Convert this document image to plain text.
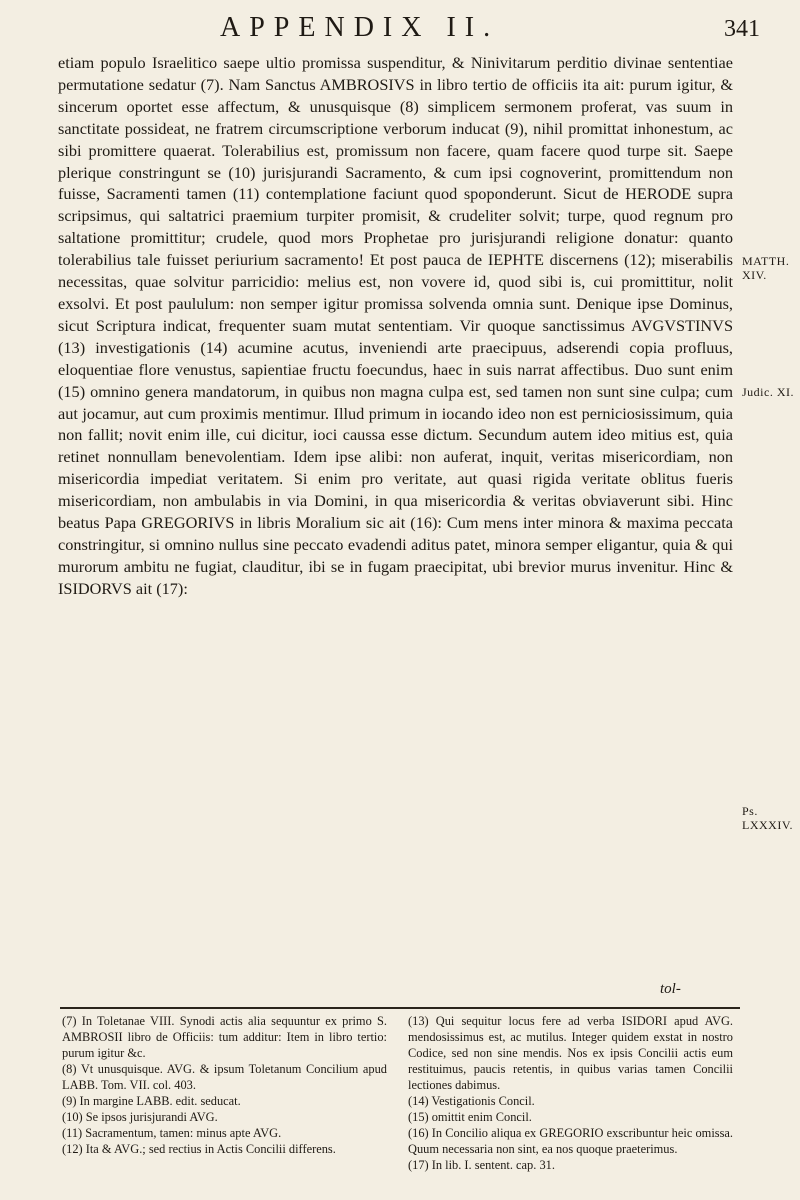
APPENDIX II.	341

etiam populo Israelitico saepe ultio promissa suspenditur, & Ninivitarum perditio divinae sententiae permutatione sedatur (7). Nam Sanctus AMBROSIVS in libro tertio de officiis ita ait: purum igitur, & sincerum oportet esse affectum, & unusquisque (8) simplicem sermonem proferat, vas suum in sanctitate possideat, ne fratrem circumscriptione verborum inducat (9), nihil promittat inhonestum, ac sibi promittere quaerat. Tolerabilius est, promissum non facere, quam facere quod turpe sit. Saepe plerique constringunt se (10) jurisjurandi Sacramento, & cum ipsi cognoverint, promittendum non fuisse, Sacramenti tamen (11) contemplatione faciunt quod spoponderunt. Sicut de HERODE supra scripsimus, qui saltatrici praemium turpiter promisit, & crudeliter solvit; turpe, quod regnum pro saltatione promittitur; crudele, quod mors Prophetae pro jurisjurandi religione donatur: quanto tolerabilius tale fuisset periurium sacramento! Et post pauca de IEPHTE discernens (12); miserabilis necessitas, quae solvitur parricidio: melius est, non vovere id, quod sibi is, cui promittitur, nolit exsolvi. Et post paululum: non semper igitur promissa solvenda omnia sunt. Denique ipse Dominus, sicut Scriptura indicat, frequenter suam mutat sententiam. Vir quoque sanctissimus AVGVSTINVS (13) investigationis (14) acumine acutus, inveniendi arte praecipuus, adserendi copia profluus, eloquentiae flore venustus, sapientiae fructu foecundus, haec in suis narrat affectibus. Duo sunt enim (15) omnino genera mandatorum, in quibus non magna culpa est, sed tamen non sunt sine culpa; cum aut jocamur, aut cum proximis mentimur. Illud primum in iocando ideo non est perniciosissimum, quia non fallit; novit enim ille, cui dicitur, ioci caussa esse dictum. Secundum autem ideo mitius est, quia retinet nonnullam benevolentiam. Idem ipse alibi: non auferat, inquit, veritas misericordiam, non misericordia impediat veritatem. Si enim pro veritate, aut quasi rigida veritate oblitus fueris misericordiam, non ambulabis in via Domini, in qua misericordia & veritas obviaverunt sibi. Hinc beatus Papa GREGORIVS in libris Moralium sic ait (16): Cum mens inter minora & maxima peccata constringitur, si omnino nullus sine peccato evadendi aditus patet, minora semper eligantur, quia & qui murorum ambitu ne fugiat, clauditur, ibi se in fugam praecipitat, ubi brevior murus invenitur. Hinc & ISIDORVS ait (17):

MATTH. XIV.
Judic. XI.
Ps. LXXXIV.
tol-

(7) In Toletanae VIII. Synodi actis alia sequuntur ex primo S. AMBROSII libro de Officiis: tum additur: Item in libro tertio: purum igitur &c.

(8) Vt unusquisque. AVG. & ipsum Toletanum Concilium apud LABB. Tom. VII. col. 403.

(9) In margine LABB. edit. seducat.

(10) Se ipsos jurisjurandi AVG.

(11) Sacramentum, tamen: minus apte AVG.

(12) Ita & AVG.; sed rectius in Actis Concilii differens.

(13) Qui sequitur locus fere ad verba ISIDORI apud AVG. mendosissimus est, ac mutilus. Integer quidem exstat in nostro Codice, sed non sine mendis. Nos ex ipsis Concilii actis eum restituimus, paucis retentis, in quibus varias tamen Concilii lectiones dabimus.

(14) Vestigationis Concil.

(15) omittit enim Concil.

(16) In Concilio aliqua ex GREGORIO exscribuntur heic omissa. Quum necessaria non sint, ea nos quoque praeterimus.

(17) In lib. I. sentent. cap. 31.
